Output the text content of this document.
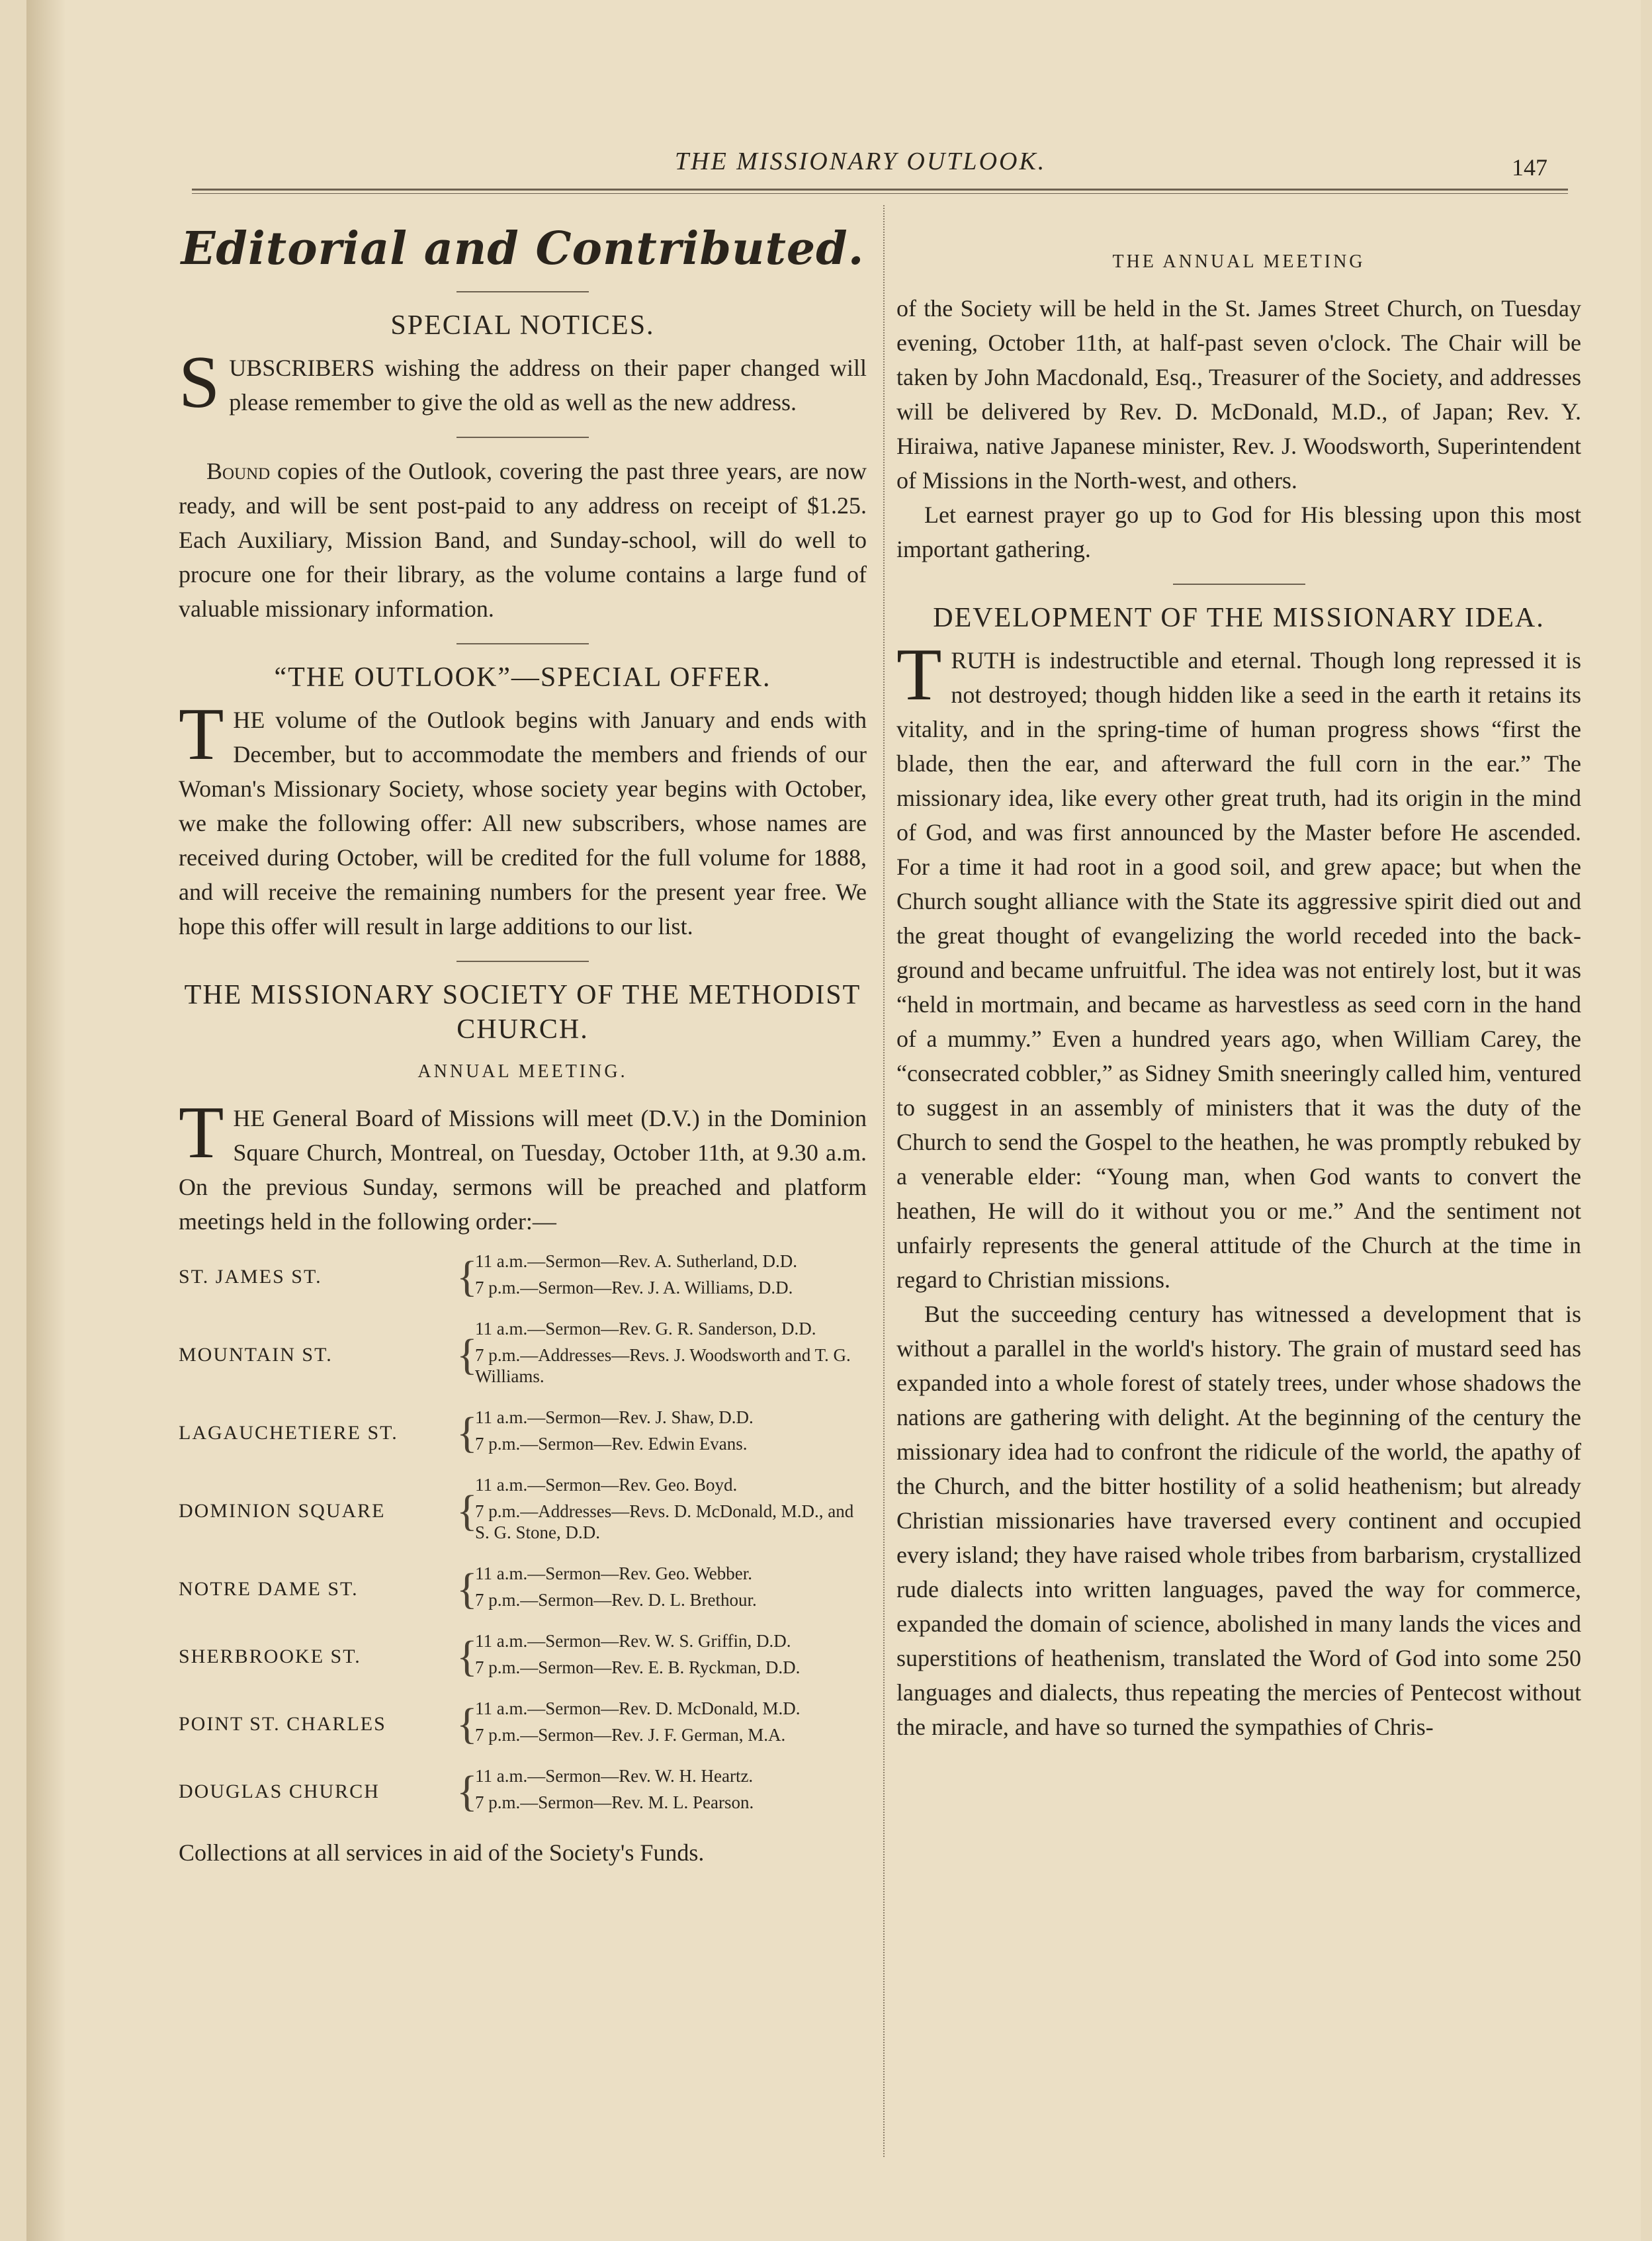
THE MISSIONARY OUTLOOK.	147
Editorial and Contributed.
SPECIAL NOTICES.

SUBSCRIBERS wishing the address on their paper changed will please remember to give the old as well as the new address.

Bound copies of the Outlook, covering the past three years, are now ready, and will be sent post-paid to any address on receipt of $1.25. Each Auxiliary, Mission Band, and Sunday-school, will do well to procure one for their library, as the volume contains a large fund of valuable missionary information.

“THE OUTLOOK”—SPECIAL OFFER.

THE volume of the Outlook begins with January and ends with December, but to accommodate the members and friends of our Woman's Missionary Society, whose society year begins with October, we make the following offer: All new subscribers, whose names are received during October, will be credited for the full volume for 1888, and will receive the remaining numbers for the present year free. We hope this offer will result in large additions to our list.

THE MISSIONARY SOCIETY OF THE METHODIST CHURCH.
ANNUAL MEETING.

THE General Board of Missions will meet (D.V.) in the Dominion Square Church, Montreal, on Tuesday, October 11th, at 9.30 a.m. On the previous Sunday, sermons will be preached and platform meetings held in the following order:—

ST. JAMES ST.	{
11 a.m.—Sermon—Rev. A. Sutherland, D.D.
7 p.m.—Sermon—Rev. J. A. Williams, D.D.
MOUNTAIN ST.	{
11 a.m.—Sermon—Rev. G. R. Sanderson, D.D.
7 p.m.—Addresses—Revs. J. Woodsworth and T. G. Williams.
LAGAUCHETIERE ST.	{
11 a.m.—Sermon—Rev. J. Shaw, D.D.
7 p.m.—Sermon—Rev. Edwin Evans.
DOMINION SQUARE	{
11 a.m.—Sermon—Rev. Geo. Boyd.
7 p.m.—Addresses—Revs. D. McDonald, M.D., and S. G. Stone, D.D.
NOTRE DAME ST.	{
11 a.m.—Sermon—Rev. Geo. Webber.
7 p.m.—Sermon—Rev. D. L. Brethour.
SHERBROOKE ST.	{
11 a.m.—Sermon—Rev. W. S. Griffin, D.D.
7 p.m.—Sermon—Rev. E. B. Ryckman, D.D.
POINT ST. CHARLES	{
11 a.m.—Sermon—Rev. D. McDonald, M.D.
7 p.m.—Sermon—Rev. J. F. German, M.A.
DOUGLAS CHURCH	{
11 a.m.—Sermon—Rev. W. H. Heartz.
7 p.m.—Sermon—Rev. M. L. Pearson.
Collections at all services in aid of the Society's Funds.
THE ANNUAL MEETING

of the Society will be held in the St. James Street Church, on Tuesday evening, October 11th, at half-past seven o'clock. The Chair will be taken by John Macdonald, Esq., Treasurer of the Society, and addresses will be delivered by Rev. D. McDonald, M.D., of Japan; Rev. Y. Hiraiwa, native Japanese minister, Rev. J. Woodsworth, Superintendent of Missions in the North-west, and others.

Let earnest prayer go up to God for His blessing upon this most important gathering.

DEVELOPMENT OF THE MISSIONARY IDEA.

TRUTH is indestructible and eternal. Though long repressed it is not destroyed; though hidden like a seed in the earth it retains its vitality, and in the spring-time of human progress shows “first the blade, then the ear, and afterward the full corn in the ear.” The missionary idea, like every other great truth, had its origin in the mind of God, and was first announced by the Master before He ascended. For a time it had root in a good soil, and grew apace; but when the Church sought alliance with the State its aggressive spirit died out and the great thought of evangelizing the world receded into the back-ground and became unfruitful. The idea was not entirely lost, but it was “held in mortmain, and became as harvestless as seed corn in the hand of a mummy.” Even a hundred years ago, when William Carey, the “consecrated cobbler,” as Sidney Smith sneeringly called him, ventured to suggest in an assembly of ministers that it was the duty of the Church to send the Gospel to the heathen, he was promptly rebuked by a venerable elder: “Young man, when God wants to convert the heathen, He will do it without you or me.” And the sentiment not unfairly represents the general attitude of the Church at the time in regard to Christian missions.

But the succeeding century has witnessed a development that is without a parallel in the world's history. The grain of mustard seed has expanded into a whole forest of stately trees, under whose shadows the nations are gathering with delight. At the beginning of the century the missionary idea had to confront the ridicule of the world, the apathy of the Church, and the bitter hostility of a solid heathenism; but already Christian missionaries have traversed every continent and occupied every island; they have raised whole tribes from barbarism, crystallized rude dialects into written languages, paved the way for commerce, expanded the domain of science, abolished in many lands the vices and superstitions of heathenism, translated the Word of God into some 250 languages and dialects, thus repeating the mercies of Pentecost without the miracle, and have so turned the sympathies of Chris-
